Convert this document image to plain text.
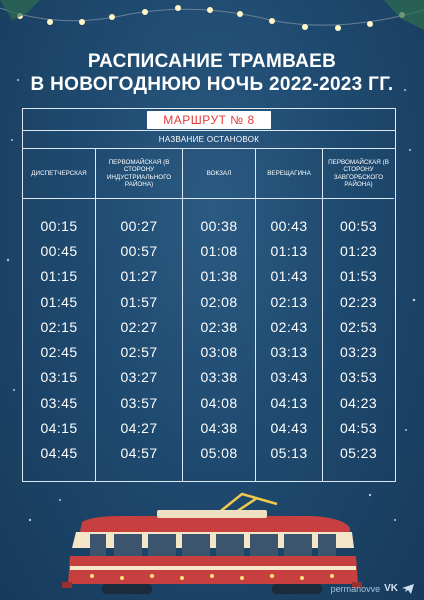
РАСПИСАНИЕ ТРАМВАЕВ
В НОВОГОДНЮЮ НОЧЬ 2022-2023 ГГ.
МАРШРУТ № 8
НАЗВАНИЕ ОСТАНОВОК
ДИСПЕТЧЕРСКАЯ
00:15
00:45
01:15
01:45
02:15
02:45
03:15
03:45
04:15
04:45
ПЕРВОМАЙСКАЯ (В СТОРОНУ ИНДУСТРИАЛЬНОГО РАЙОНА)
00:27
00:57
01:27
01:57
02:27
02:57
03:27
03:57
04:27
04:57
ВОКЗАЛ
00:38
01:08
01:38
02:08
02:38
03:08
03:38
04:08
04:38
05:08
ВЕРЕЩАГИНА
00:43
01:13
01:43
02:13
02:43
03:13
03:43
04:13
04:43
05:13
ПЕРВОМАЙСКАЯ (В СТОРОНУ ЗАВГОРБСКОГО РАЙОНА)
00:53
01:23
01:53
02:23
02:53
03:23
03:53
04:23
04:53
05:23
permanovve VK
